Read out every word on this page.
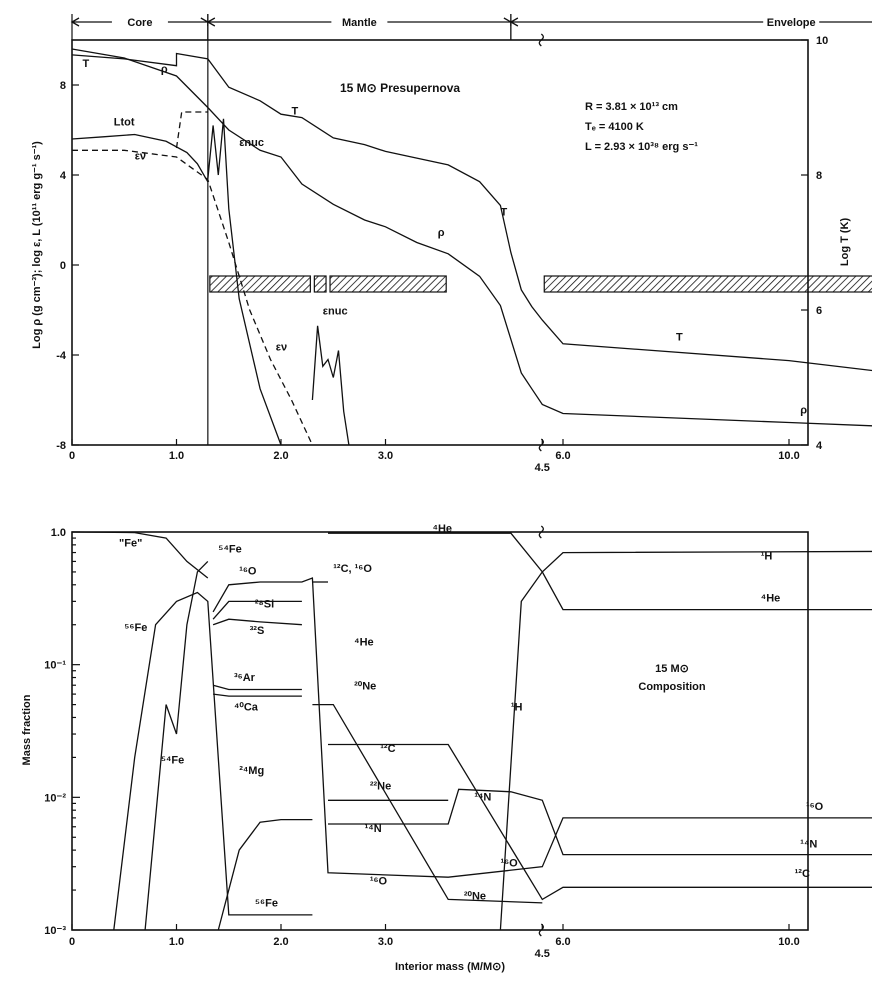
Core	Mantle	Envelope
15 M⊙ Presupernova
R = 3.81 × 10¹³ cm
Tₑ = 4100 K
L = 2.93 × 10³⁸ erg s⁻¹
Log ρ (g cm⁻³); log ε, L (10¹¹ erg g⁻¹ s⁻¹)	Log T (K)
0	1.0	2.0	3.0
4.5
6.0	10.0
-8
-4
0
4
8
4
6
8
10
T
T
T
T
ρ
ρ
ρ
Ltot
εν
εν
εnuc
εnuc
Mass fraction
Interior mass (M/M⊙)
15 M⊙
Composition
0	1.0	2.0	3.0
4.5
6.0	10.0
10⁻³
10⁻²
10⁻¹
1.0
"Fe"
⁵⁴Fe
¹⁶O
²⁸Si
³²S
⁵⁶Fe
³⁶Ar
⁴⁰Ca
⁵⁴Fe
²⁴Mg
¹²C, ¹⁶O
⁴He
²⁰Ne
⁴He
¹²C
²²Ne
¹⁴N
¹⁶O
⁵⁶Fe
¹⁴N
²⁰Ne
¹⁶O
¹H
¹H
⁴He
¹⁶O
¹⁴N
¹²C
